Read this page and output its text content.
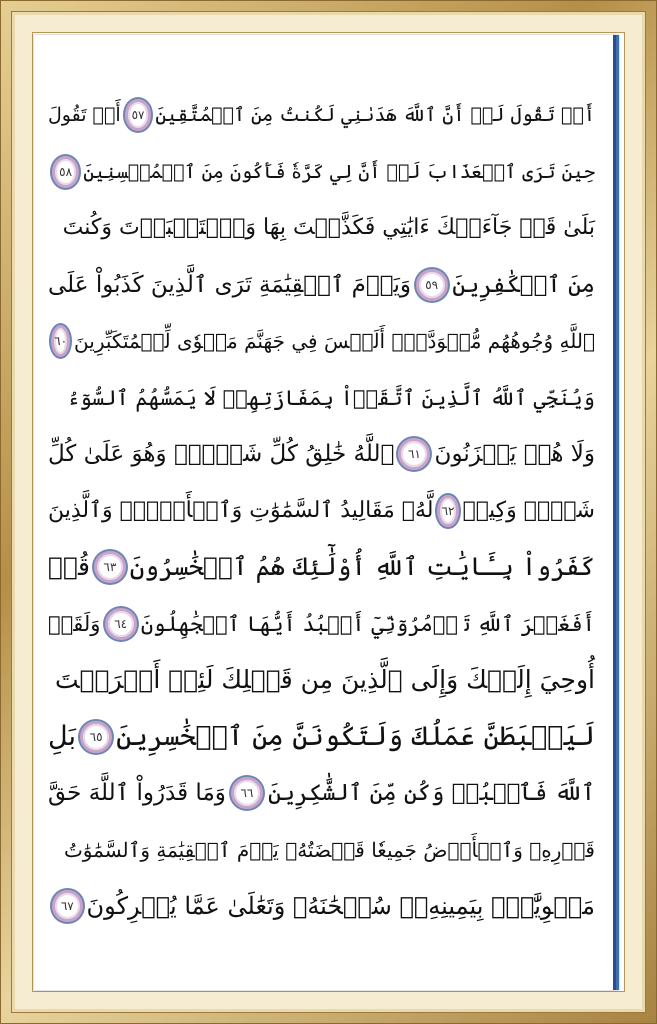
أَوۡ تَقُولَ لَوۡ أَنَّ ٱللَّهَ هَدَىٰنِي لَكُنتُ مِنَ ٱلۡمُتَّقِينَ
٥٧
أَوۡ تَقُولَ
حِينَ تَرَى ٱلۡعَذَابَ لَوۡ أَنَّ لِي كَرَّةٗ فَأَكُونَ مِنَ ٱلۡمُحۡسِنِينَ
٥٨
بَلَىٰ قَدۡ جَآءَتۡكَ ءَايَٰتِي فَكَذَّبۡتَ بِهَا وَٱسۡتَكۡبَرۡتَ وَكُنتَ
مِنَ ٱلۡكَٰفِرِينَ
٥٩
وَيَوۡمَ ٱلۡقِيَٰمَةِ تَرَى ٱلَّذِينَ كَذَبُواْ عَلَى
ٱللَّهِ وُجُوهُهُم مُّسۡوَدَّةٌۚ أَلَيۡسَ فِي جَهَنَّمَ مَثۡوٗى لِّلۡمُتَكَبِّرِينَ
٦٠
وَيُنَجِّي ٱللَّهُ ٱلَّذِينَ ٱتَّقَوۡاْ بِمَفَازَتِهِمۡ لَا يَمَسُّهُمُ ٱلسُّوٓءُ
وَلَا هُمۡ يَحۡزَنُونَ
٦١
ٱللَّهُ خَٰلِقُ كُلِّ شَيۡءٖۖ وَهُوَ عَلَىٰ كُلِّ
شَيۡءٖ وَكِيلٞ
٦٢
لَّهُۥ مَقَالِيدُ ٱلسَّمَٰوَٰتِ وَٱلۡأَرۡضِۗ وَٱلَّذِينَ
كَفَرُواْ بِـَٔايَٰتِ ٱللَّهِ أُوْلَٰٓئِكَ هُمُ ٱلۡخَٰسِرُونَ
٦٣
قُلۡ
أَفَغَيۡرَ ٱللَّهِ تَأۡمُرُوٓنِّيٓ أَعۡبُدُ أَيُّهَا ٱلۡجَٰهِلُونَ
٦٤
وَلَقَدۡ
أُوحِيَ إِلَيۡكَ وَإِلَى ٱلَّذِينَ مِن قَبۡلِكَ لَئِنۡ أَشۡرَكۡتَ
لَيَحۡبَطَنَّ عَمَلُكَ وَلَتَكُونَنَّ مِنَ ٱلۡخَٰسِرِينَ
٦٥
بَلِ
ٱللَّهَ فَٱعۡبُدۡ وَكُن مِّنَ ٱلشَّٰكِرِينَ
٦٦
وَمَا قَدَرُواْ ٱللَّهَ حَقَّ
قَدۡرِهِۦ وَٱلۡأَرۡضُ جَمِيعٗا قَبۡضَتُهُۥ يَوۡمَ ٱلۡقِيَٰمَةِ وَٱلسَّمَٰوَٰتُ
مَطۡوِيَّٰتُۢ بِيَمِينِهِۦۚ سُبۡحَٰنَهُۥ وَتَعَٰلَىٰ عَمَّا يُشۡرِكُونَ
٦٧
